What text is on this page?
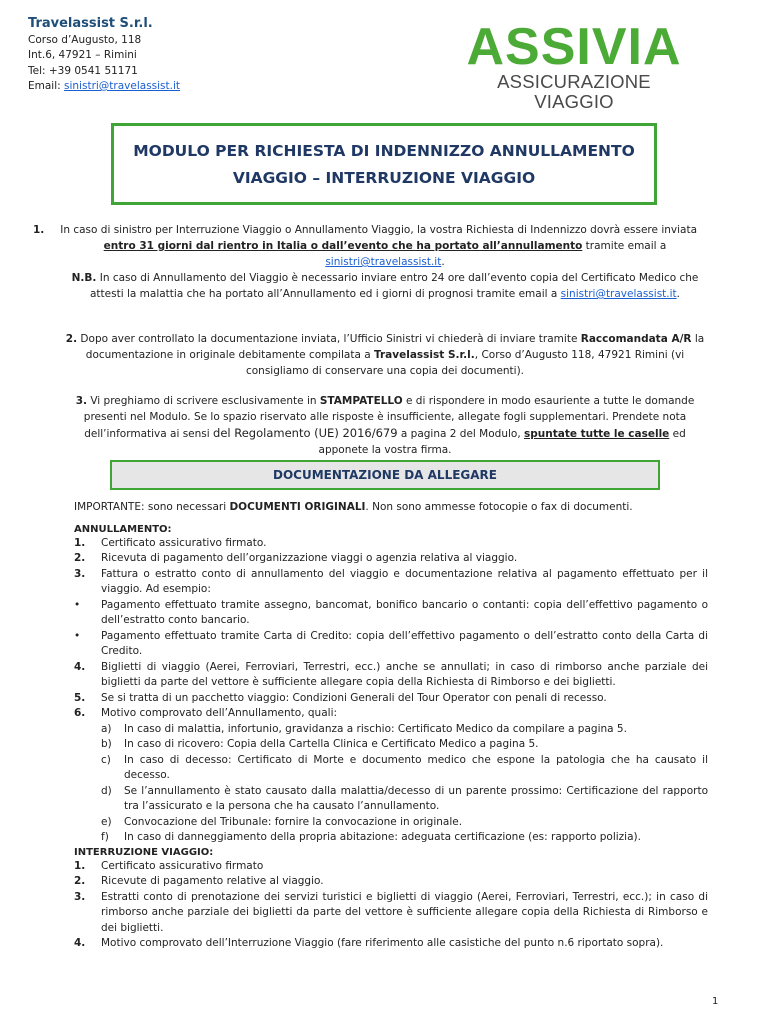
Travelassist S.r.l.
Corso d’Augusto, 118
Int.6, 47921 – Rimini
Tel: +39 0541 51171
Email: sinistri@travelassist.it
ASSIVIA
ASSICURAZIONE VIAGGIO
MODULO PER RICHIESTA DI INDENNIZZO ANNULLAMENTO
VIAGGIO – INTERRUZIONE VIAGGIO
1. In caso di sinistro per Interruzione Viaggio o Annullamento Viaggio, la vostra Richiesta di Indennizzo dovrà essere inviata entro 31 giorni dal rientro in Italia o dall’evento che ha portato all’annullamento tramite email a sinistri@travelassist.it.
N.B. In caso di Annullamento del Viaggio è necessario inviare entro 24 ore dall’evento copia del Certificato Medico che attesti la malattia che ha portato all’Annullamento ed i giorni di prognosi tramite email a sinistri@travelassist.it.
2. Dopo aver controllato la documentazione inviata, l’Ufficio Sinistri vi chiederà di inviare tramite Raccomandata A/R la documentazione in originale debitamente compilata a Travelassist S.r.l., Corso d’Augusto 118, 47921 Rimini (vi consigliamo di conservare una copia dei documenti).
3. Vi preghiamo di scrivere esclusivamente in STAMPATELLO e di rispondere in modo esauriente a tutte le domande presenti nel Modulo. Se lo spazio riservato alle risposte è insufficiente, allegate fogli supplementari. Prendete nota dell’informativa ai sensi del Regolamento (UE) 2016/679 a pagina 2 del Modulo, spuntate tutte le caselle ed apponete la vostra firma.
DOCUMENTAZIONE DA ALLEGARE
IMPORTANTE: sono necessari DOCUMENTI ORIGINALI. Non sono ammesse fotocopie o fax di documenti.
ANNULLAMENTO:
1.	Certificato assicurativo firmato.
2.	Ricevuta di pagamento dell’organizzazione viaggi o agenzia relativa al viaggio.
3.	Fattura o estratto conto di annullamento del viaggio e documentazione relativa al pagamento effettuato per il viaggio. Ad esempio:
•	Pagamento effettuato tramite assegno, bancomat, bonifico bancario o contanti: copia dell’effettivo pagamento o dell’estratto conto bancario.
•	Pagamento effettuato tramite Carta di Credito: copia dell’effettivo pagamento o dell’estratto conto della Carta di Credito.
4.	Biglietti di viaggio (Aerei, Ferroviari, Terrestri, ecc.) anche se annullati; in caso di rimborso anche parziale dei biglietti da parte del vettore è sufficiente allegare copia della Richiesta di Rimborso e dei biglietti.
5.	Se si tratta di un pacchetto viaggio: Condizioni Generali del Tour Operator con penali di recesso.
6.	Motivo comprovato dell’Annullamento, quali:
a)	In caso di malattia, infortunio, gravidanza a rischio: Certificato Medico da compilare a pagina 5.
b)	In caso di ricovero: Copia della Cartella Clinica e Certificato Medico a pagina 5.
c)	In caso di decesso: Certificato di Morte e documento medico che espone la patologia che ha causato il decesso.
d)	Se l’annullamento è stato causato dalla malattia/decesso di un parente prossimo: Certificazione del rapporto tra l’assicurato e la persona che ha causato l’annullamento.
e)	Convocazione del Tribunale: fornire la convocazione in originale.
f)	In caso di danneggiamento della propria abitazione: adeguata certificazione (es: rapporto polizia).
INTERRUZIONE VIAGGIO:
1.	Certificato assicurativo firmato
2.	Ricevute di pagamento relative al viaggio.
3.	Estratti conto di prenotazione dei servizi turistici e biglietti di viaggio (Aerei, Ferroviari, Terrestri, ecc.); in caso di rimborso anche parziale dei biglietti da parte del vettore è sufficiente allegare copia della Richiesta di Rimborso e dei biglietti.
4.	Motivo comprovato dell’Interruzione Viaggio (fare riferimento alle casistiche del punto n.6 riportato sopra).
1
